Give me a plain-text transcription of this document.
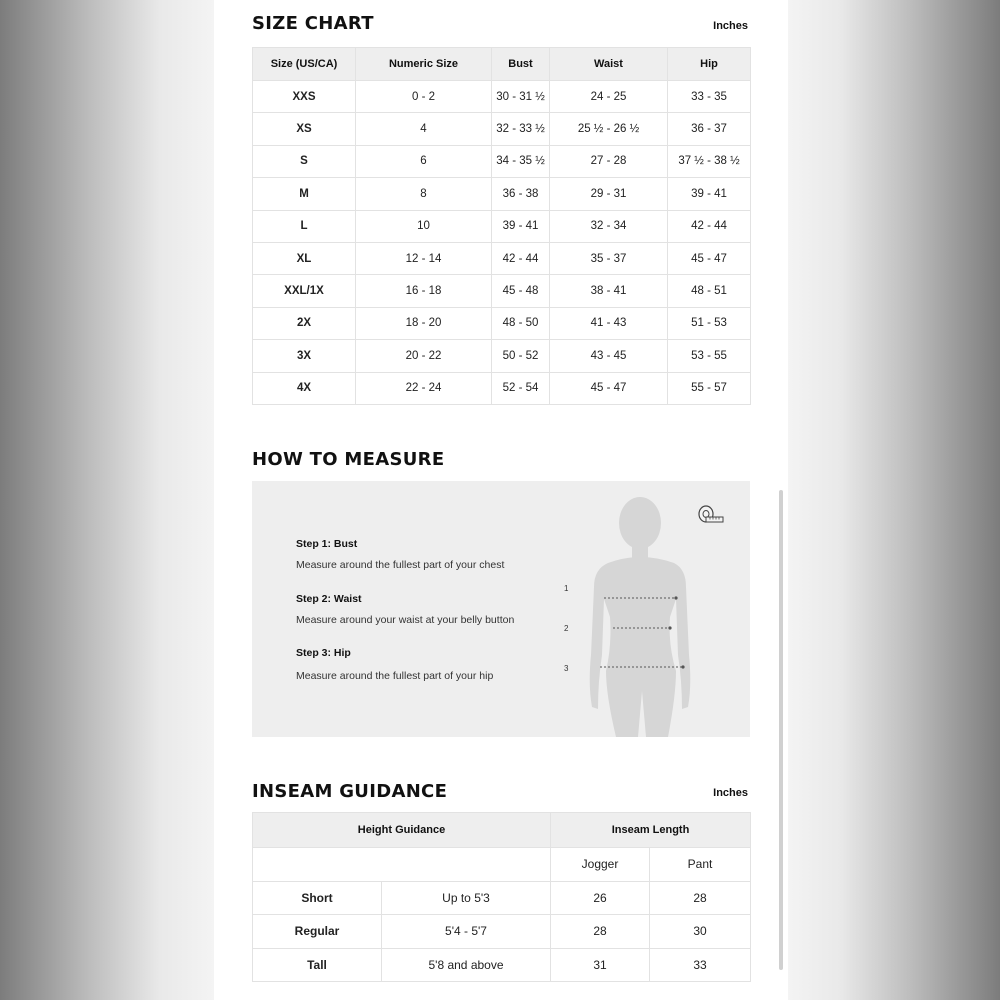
SIZE CHART	Inches
Size (US/CA)	Numeric Size	Bust	Waist	Hip
XXS	0 - 2	30 - 31 ½	24 - 25	33 - 35
XS	4	32 - 33 ½	25 ½ - 26 ½	36 - 37
S	6	34 - 35 ½	27 - 28	37 ½ - 38 ½
M	8	36 - 38	29 - 31	39 - 41
L	10	39 - 41	32 - 34	42 - 44
XL	12 - 14	42 - 44	35 - 37	45 - 47
XXL/1X	16 - 18	45 - 48	38 - 41	48 - 51
2X	18 - 20	48 - 50	41 - 43	51 - 53
3X	20 - 22	50 - 52	43 - 45	53 - 55
4X	22 - 24	52 - 54	45 - 47	55 - 57
HOW TO MEASURE
Step 1: Bust
Measure around the fullest part of your chest
Step 2: Waist
Measure around your waist at your belly button
Step 3: Hip
Measure around the fullest part of your hip
1
2
3
INSEAM GUIDANCE	Inches
Height Guidance		Inseam Length	
		Jogger	Pant
Short	Up to 5'3	26	28
Regular	5'4 - 5'7	28	30
Tall	5'8 and above	31	33
